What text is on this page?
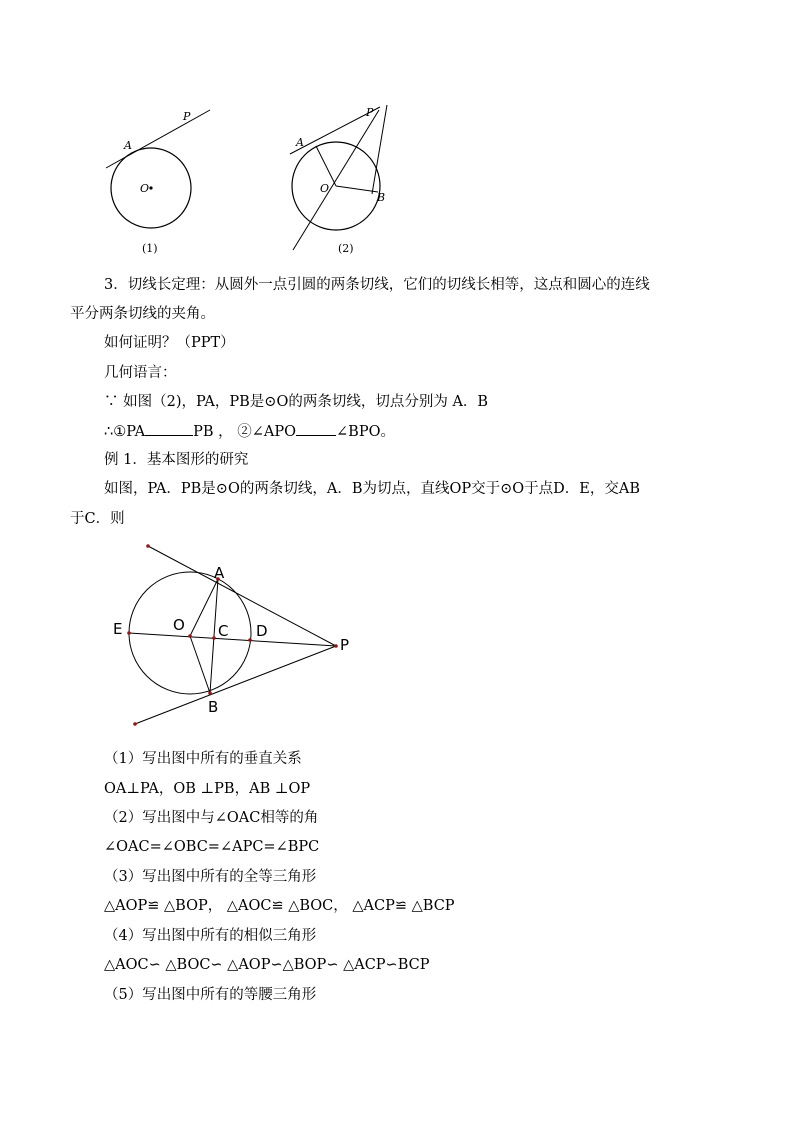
P
A
O
(1)
P
A
O
B
(2)
3．切线长定理：从圆外一点引圆的两条切线，它们的切线长相等，这点和圆心的连线
平分两条切线的夹角。
如何证明？（PPT）
几何语言：
∵ 如图（2)，PA，PB是⊙O的两条切线，切点分别为 A．B
∴①PA	PB ， ②∠APO	∠BPO。
例 1．基本图形的研究
如图，PA．PB是⊙O的两条切线，A．B为切点，直线OP交于⊙O于点D．E，交AB
于C．则
A
E	O C D
P
B
（1）写出图中所有的垂直关系
OA⊥PA，OB ⊥PB，AB ⊥OP
（2）写出图中与∠OAC相等的角
∠OAC=∠OBC=∠APC=∠BPC
（3）写出图中所有的全等三角形
△AOP≌ △BOP， △AOC≌ △BOC， △ACP≌ △BCP
（4）写出图中所有的相似三角形
△AOC∽ △BOC∽ △AOP∽△BOP∽ △ACP∽BCP
（5）写出图中所有的等腰三角形
